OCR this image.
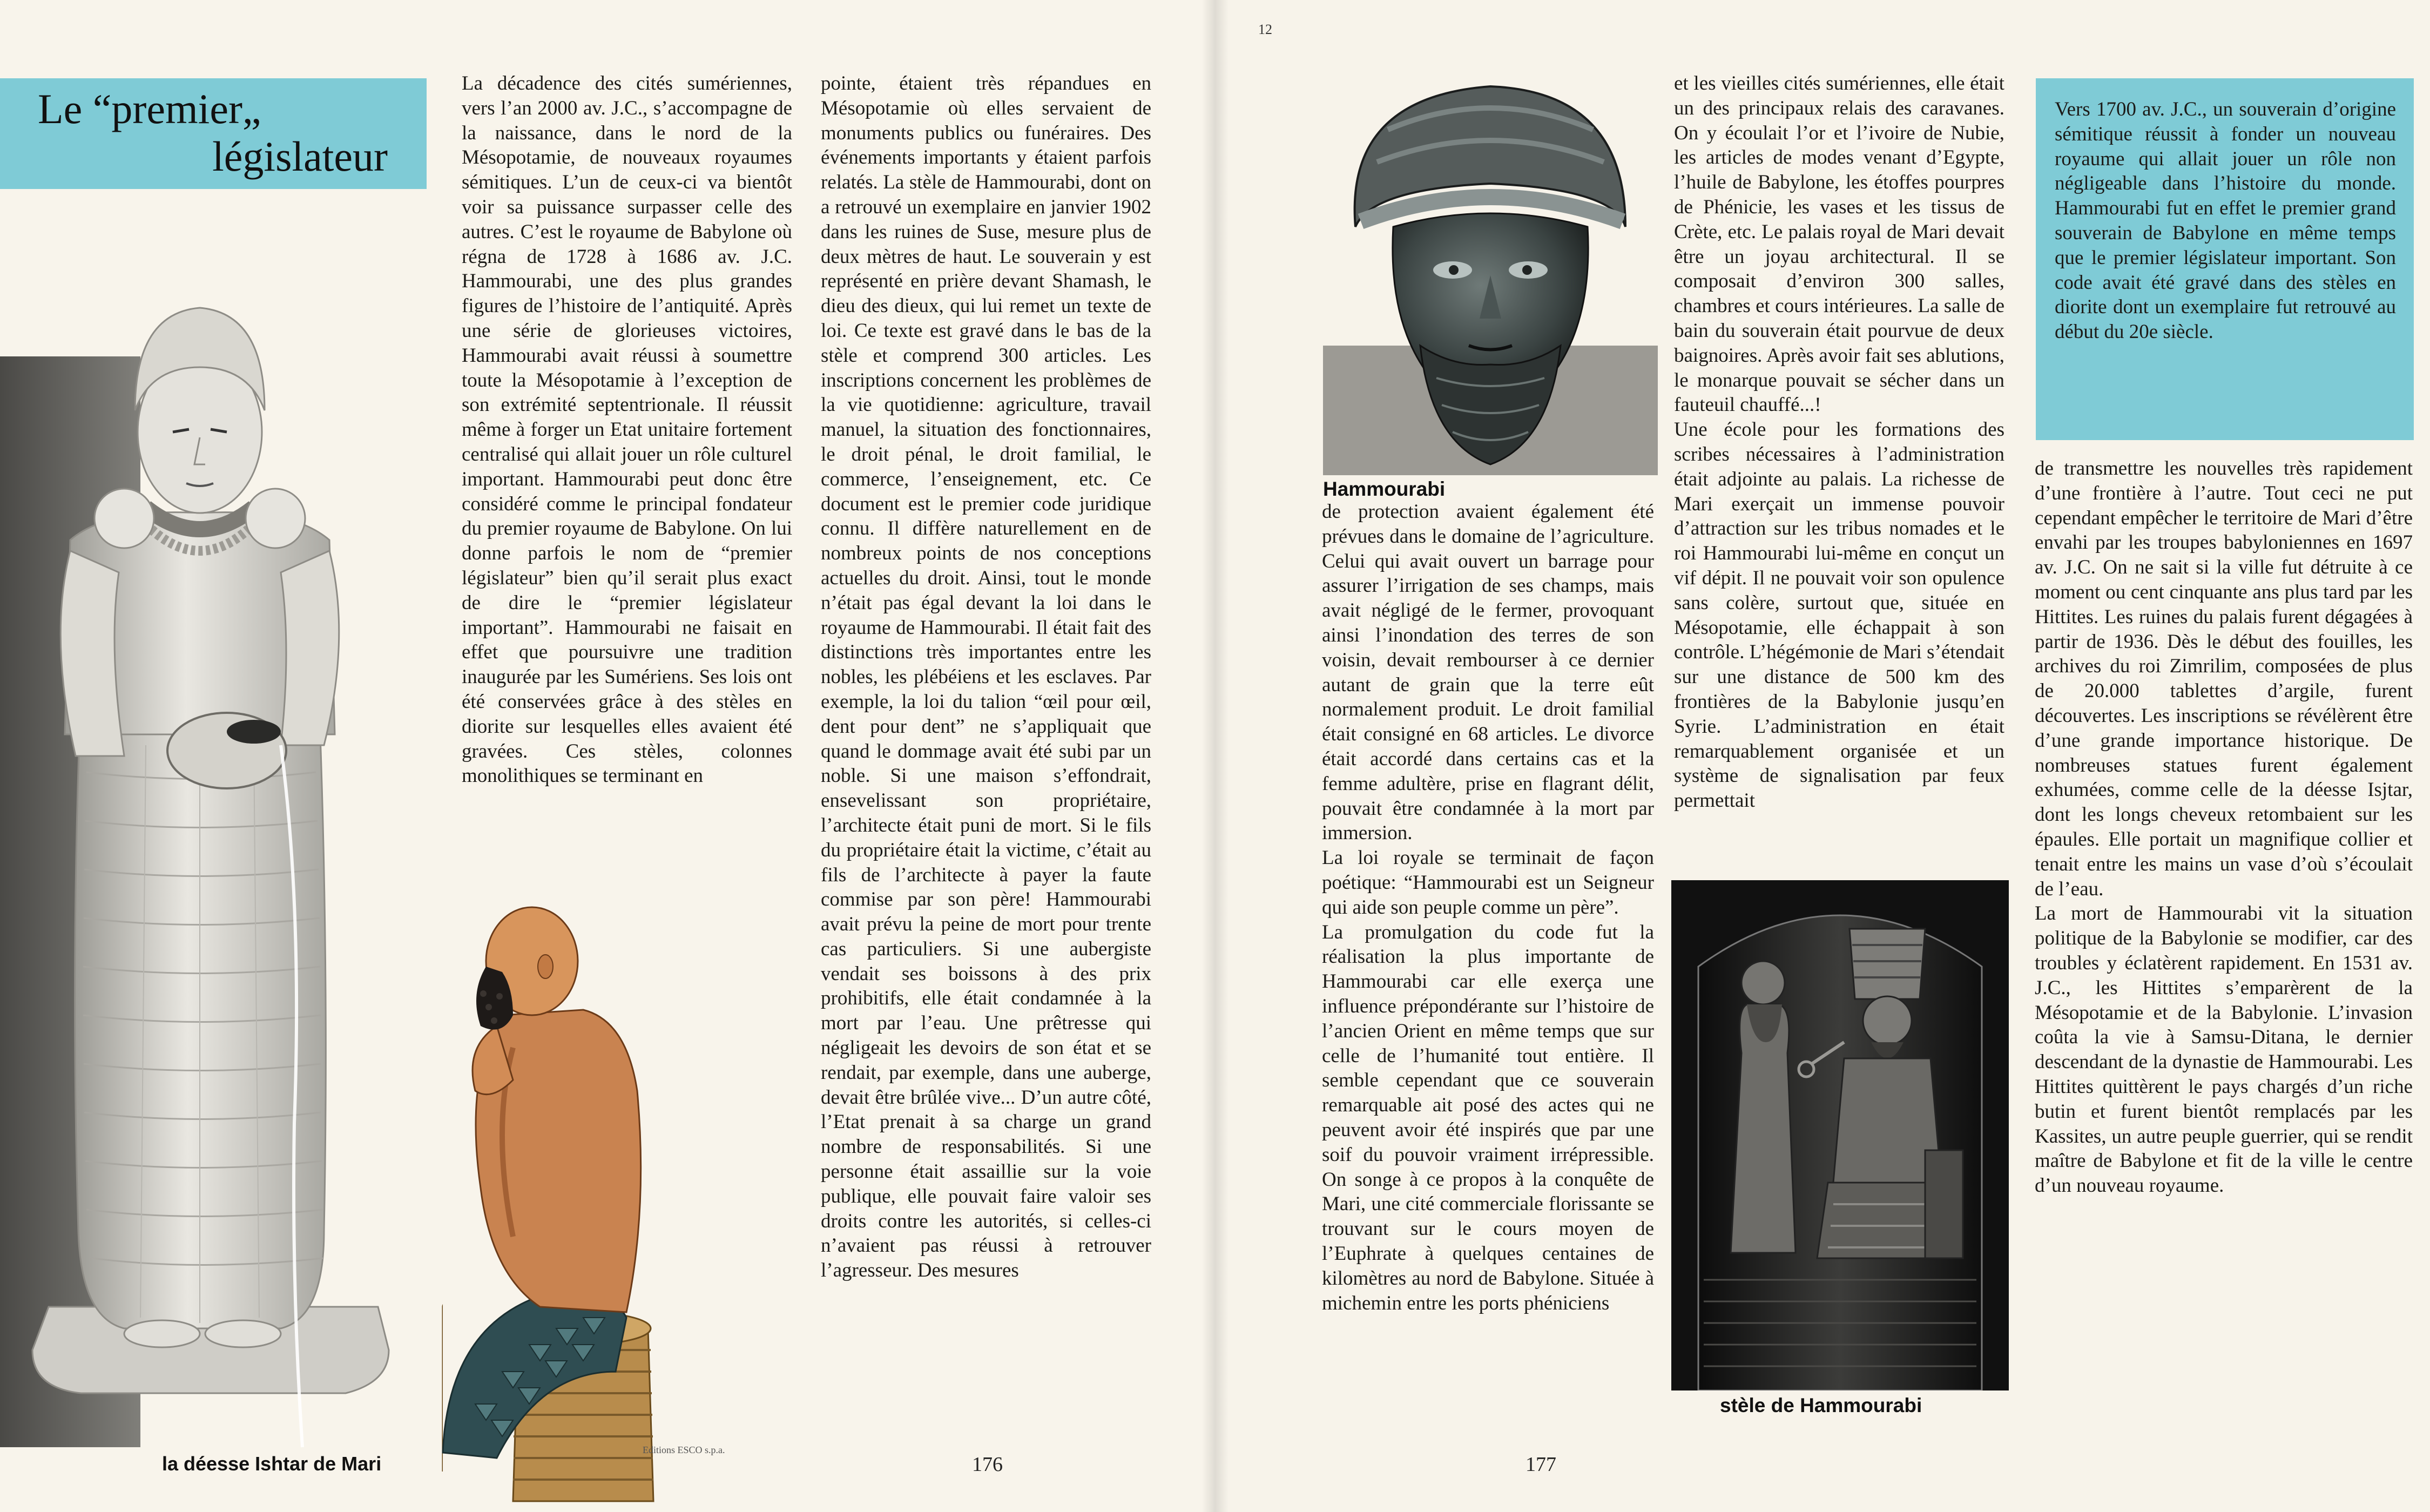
Le “premier„
législateur
la déesse Ishtar de Mari
Editions ESCO s.p.a.

La décadence des cités sumériennes, vers l’an 2000 av. J.C., s’accompagne de la naissance, dans le nord de la Mésopotamie, de nouveaux royaumes sémitiques. L’un de ceux-ci va bientôt voir sa puissance surpasser celle des autres. C’est le royaume de Babylone où régna de 1728 à 1686 av. J.C. Hammourabi, une des plus grandes figures de l’histoire de l’antiquité. Après une série de glorieuses victoires, Hammourabi avait réussi à soumettre toute la Mésopotamie à l’exception de son extrémité septentrionale. Il réussit même à forger un Etat unitaire fortement centralisé qui allait jouer un rôle culturel important. Hammourabi peut donc être considéré comme le principal fondateur du premier royaume de Babylone. On lui donne parfois le nom de “premier législateur” bien qu’il serait plus exact de dire le “premier législateur important”. Hammourabi ne faisait en effet que poursuivre une tradition inaugurée par les Sumériens. Ses lois ont été conservées grâce à des stèles en diorite sur lesquelles elles avaient été gravées. Ces stèles, colonnes monolithiques se terminant en

pointe, étaient très répandues en Mésopotamie où elles servaient de monuments publics ou funéraires. Des événements importants y étaient parfois relatés. La stèle de Hammourabi, dont on a retrouvé un exemplaire en janvier 1902 dans les ruines de Suse, mesure plus de deux mètres de haut. Le souverain y est représenté en prière devant Shamash, le dieu des dieux, qui lui remet un texte de loi. Ce texte est gravé dans le bas de la stèle et comprend 300 articles. Les inscriptions concernent les problèmes de la vie quotidienne: agriculture, travail manuel, la situation des fonctionnaires, le droit pénal, le droit familial, le commerce, l’enseignement, etc. Ce document est le premier code juridique connu. Il diffère naturellement en de nombreux points de nos conceptions actuelles du droit. Ainsi, tout le monde n’était pas égal devant la loi dans le royaume de Hammourabi. Il était fait des distinctions très importantes entre les nobles, les plébéiens et les esclaves. Par exemple, la loi du talion “œil pour œil, dent pour dent” ne s’appliquait que quand le dommage avait été subi par un noble. Si une maison s’effondrait, ensevelissant son propriétaire, l’architecte était puni de mort. Si le fils du propriétaire était la victime, c’était au fils de l’architecte à payer la faute commise par son père! Hammourabi avait prévu la peine de mort pour trente cas particuliers. Si une aubergiste vendait ses boissons à des prix prohibitifs, elle était condamnée à la mort par l’eau. Une prêtresse qui négligeait les devoirs de son état et se rendait, par exemple, dans une auberge, devait être brûlée vive... D’un autre côté, l’Etat prenait à sa charge un grand nombre de responsabilités. Si une personne était assaillie sur la voie publique, elle pouvait faire valoir ses droits contre les autorités, si celles-ci n’avaient pas réussi à retrouver l’agresseur. Des mesures

176
12
Hammourabi

de protection avaient également été prévues dans le domaine de l’agriculture. Celui qui avait ouvert un barrage pour assurer l’irrigation de ses champs, mais avait négligé de le fermer, provoquant ainsi l’inondation des terres de son voisin, devait rembourser à ce dernier autant de grain que la terre eût normalement produit. Le droit familial était consigné en 68 articles. Le divorce était accordé dans certains cas et la femme adultère, prise en flagrant délit, pouvait être condamnée à la mort par immersion.

La loi royale se terminait de façon poétique: “Hammourabi est un Seigneur qui aide son peuple comme un père”.

La promulgation du code fut la réalisation la plus importante de Hammourabi car elle exerça une influence prépondérante sur l’histoire de l’ancien Orient en même temps que sur celle de l’humanité tout entière. Il semble cependant que ce souverain remarquable ait posé des actes qui ne peuvent avoir été inspirés que par une soif du pouvoir vraiment irrépressible. On songe à ce propos à la conquête de Mari, une cité commerciale florissante se trouvant sur le cours moyen de l’Euphrate à quelques centaines de kilomètres au nord de Babylone. Située à michemin entre les ports phéniciens

et les vieilles cités sumériennes, elle était un des principaux relais des caravanes. On y écoulait l’or et l’ivoire de Nubie, les articles de modes venant d’Egypte, l’huile de Babylone, les étoffes pourpres de Phénicie, les vases et les tissus de Crète, etc. Le palais royal de Mari devait être un joyau architectural. Il se composait d’environ 300 salles, chambres et cours intérieures. La salle de bain du souverain était pourvue de deux baignoires. Après avoir fait ses ablutions, le monarque pouvait se sécher dans un fauteuil chauffé...!

Une école pour les formations des scribes nécessaires à l’administration était adjointe au palais. La richesse de Mari exerçait un immense pouvoir d’attraction sur les tribus nomades et le roi Hammourabi lui-même en conçut un vif dépit. Il ne pouvait voir son opulence sans colère, surtout que, située en Mésopotamie, elle échappait à son contrôle. L’hégémonie de Mari s’étendait sur une distance de 500 km des frontières de la Babylonie jusqu’en Syrie. L’administration en était remarquablement organisée et un système de signalisation par feux permettait

stèle de Hammourabi
Vers 1700 av. J.C., un souverain d’origine sémitique réussit à fonder un nouveau royaume qui allait jouer un rôle non négligeable dans l’histoire du monde. Hammourabi fut en effet le premier grand souverain de Babylone en même temps que le premier législateur important. Son code avait été gravé dans des stèles en diorite dont un exemplaire fut retrouvé au début du 20e siècle.

de transmettre les nouvelles très rapidement d’une frontière à l’autre. Tout ceci ne put cependant empêcher le territoire de Mari d’être envahi par les troupes babyloniennes en 1697 av. J.C. On ne sait si la ville fut détruite à ce moment ou cent cinquante ans plus tard par les Hittites. Les ruines du palais furent dégagées à partir de 1936. Dès le début des fouilles, les archives du roi Zimrilim, composées de plus de 20.000 tablettes d’argile, furent découvertes. Les inscriptions se révélèrent être d’une grande importance historique. De nombreuses statues furent également exhumées, comme celle de la déesse Isjtar, dont les longs cheveux retombaient sur les épaules. Elle portait un magnifique collier et tenait entre les mains un vase d’où s’écoulait de l’eau.

La mort de Hammourabi vit la situation politique de la Babylonie se modifier, car des troubles y éclatèrent rapidement. En 1531 av. J.C., les Hittites s’emparèrent de la Mésopotamie et de la Babylonie. L’invasion coûta la vie à Samsu-Ditana, le dernier descendant de la dynastie de Hammourabi. Les Hittites quittèrent le pays chargés d’un riche butin et furent bientôt remplacés par les Kassites, un autre peuple guerrier, qui se rendit maître de Babylone et fit de la ville le centre d’un nouveau royaume.

177
